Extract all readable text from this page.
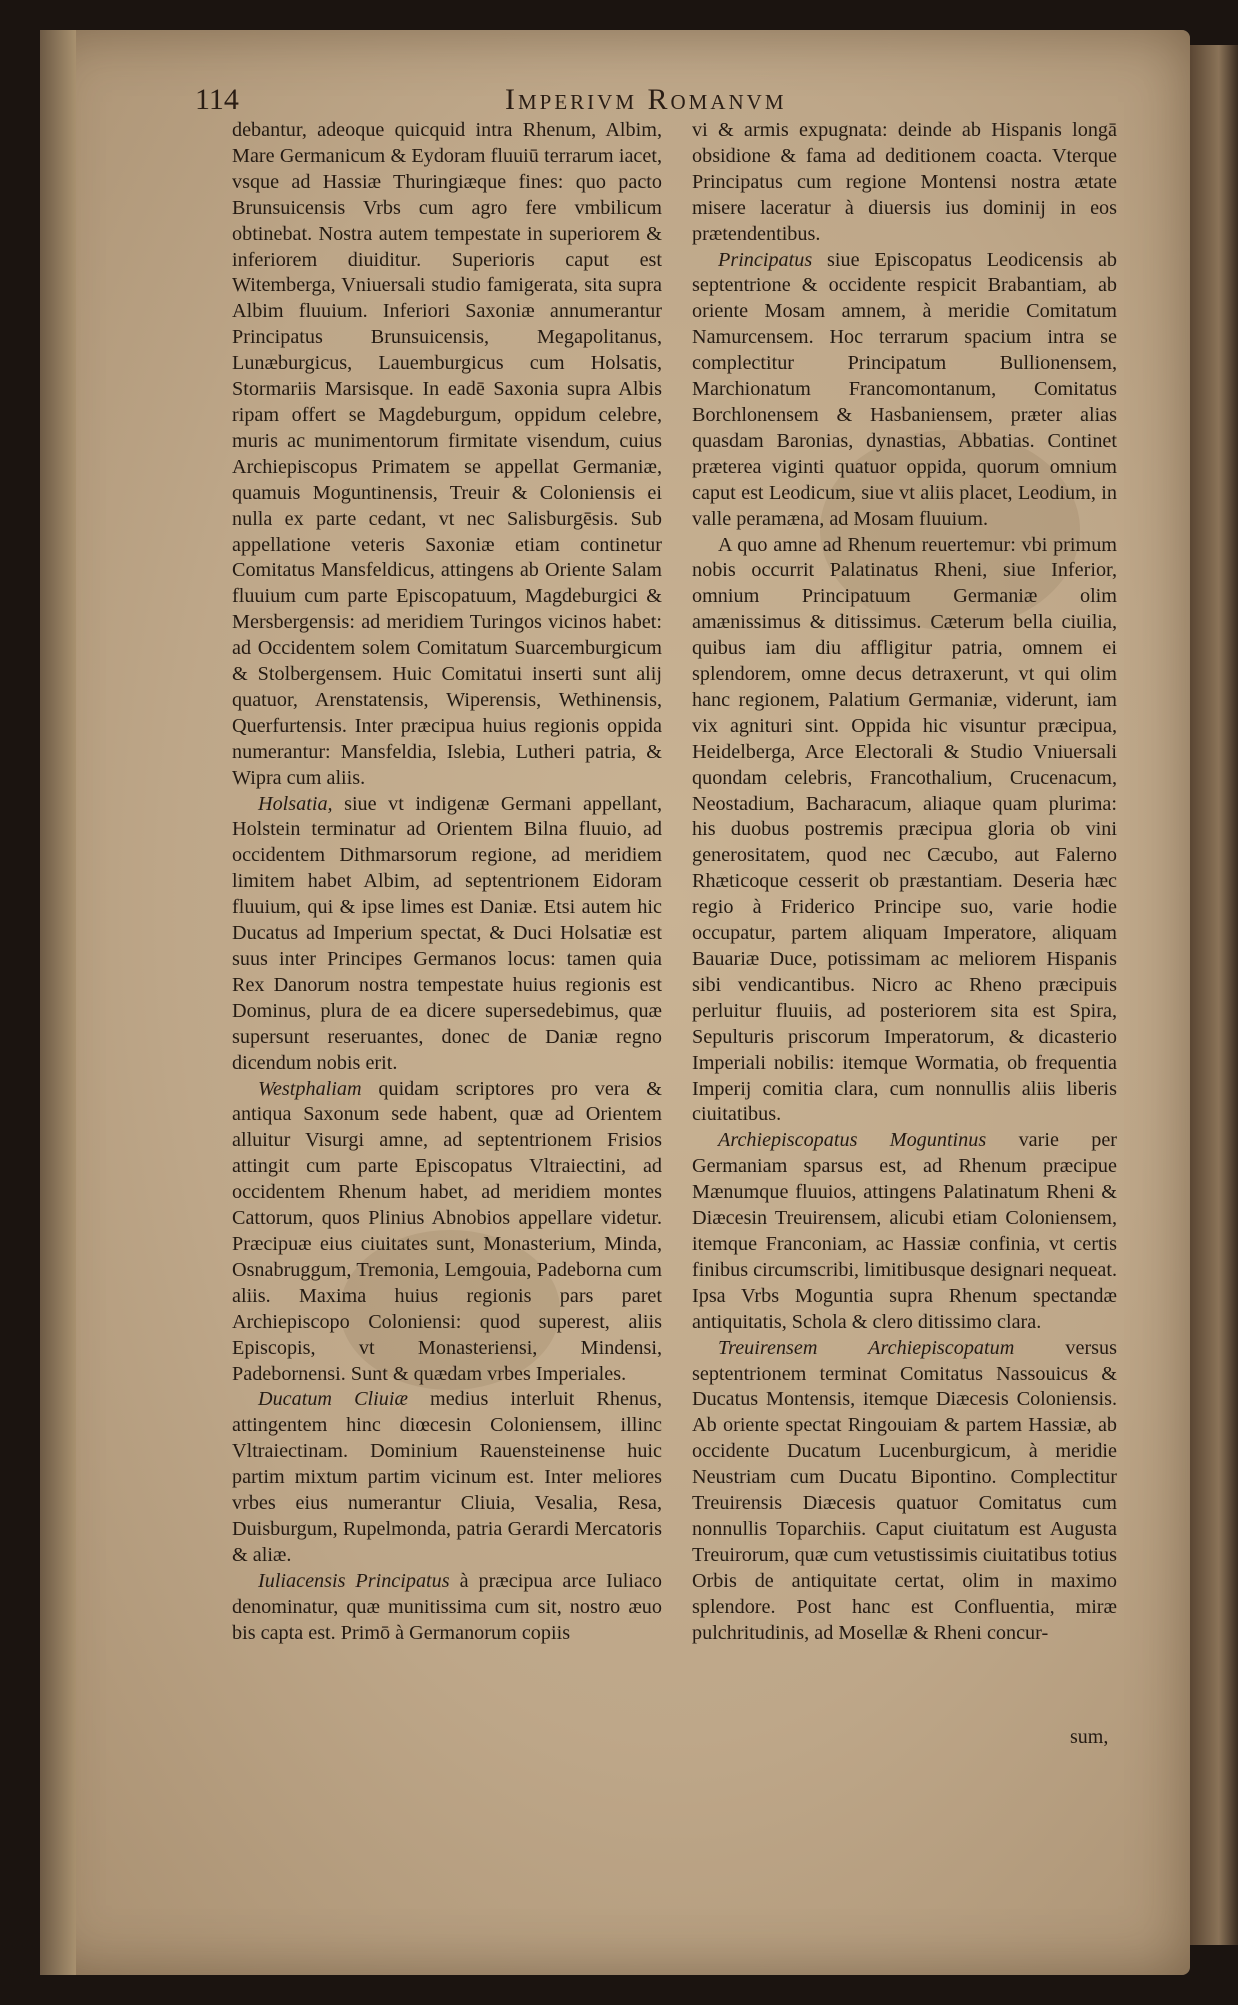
114	Imperivm Romanvm

debantur, adeoque quicquid intra Rhenum, Albim, Mare Germanicum & Eydoram fluuiū terrarum iacet, vsque ad Hassiæ Thuringiæque fines: quo pacto Brunsuicensis Vrbs cum agro fere vmbilicum obtinebat. Nostra autem tempestate in superiorem & inferiorem diuiditur. Superioris caput est Witemberga, Vniuersali studio famigerata, sita supra Albim fluuium. Inferiori Saxoniæ annumerantur Principatus Brunsuicensis, Megapolitanus, Lunæburgicus, Lauemburgicus cum Holsatis, Stormariis Marsisque. In eadē Saxonia supra Albis ripam offert se Magdeburgum, oppidum celebre, muris ac munimentorum firmitate visendum, cuius Archiepiscopus Primatem se appellat Germaniæ, quamuis Moguntinensis, Treuir & Coloniensis ei nulla ex parte cedant, vt nec Salisburgēsis. Sub appellatione veteris Saxoniæ etiam continetur Comitatus Mansfeldicus, attingens ab Oriente Salam fluuium cum parte Episcopatuum, Magdeburgici & Mersbergensis: ad meridiem Turingos vicinos habet: ad Occidentem solem Comitatum Suarcemburgicum & Stolbergensem. Huic Comitatui inserti sunt alij quatuor, Arenstatensis, Wiperensis, Wethinensis, Querfurtensis. Inter præcipua huius regionis oppida numerantur: Mansfeldia, Islebia, Lutheri patria, & Wipra cum aliis.

Holsatia, siue vt indigenæ Germani appellant, Holstein terminatur ad Orientem Bilna fluuio, ad occidentem Dithmarsorum regione, ad meridiem limitem habet Albim, ad septentrionem Eidoram fluuium, qui & ipse limes est Daniæ. Etsi autem hic Ducatus ad Imperium spectat, & Duci Holsatiæ est suus inter Principes Germanos locus: tamen quia Rex Danorum nostra tempestate huius regionis est Dominus, plura de ea dicere supersedebimus, quæ supersunt reseruantes, donec de Daniæ regno dicendum nobis erit.

Westphaliam quidam scriptores pro vera & antiqua Saxonum sede habent, quæ ad Orientem alluitur Visurgi amne, ad septentrionem Frisios attingit cum parte Episcopatus Vltraiectini, ad occidentem Rhenum habet, ad meridiem montes Cattorum, quos Plinius Abnobios appellare videtur. Præcipuæ eius ciuitates sunt, Monasterium, Minda, Osnabruggum, Tremonia, Lemgouia, Padeborna cum aliis. Maxima huius regionis pars paret Archiepiscopo Coloniensi: quod superest, aliis Episcopis, vt Monasteriensi, Mindensi, Padebornensi. Sunt & quædam vrbes Imperiales.

Ducatum Cliuiæ medius interluit Rhenus, attingentem hinc diœcesin Coloniensem, illinc Vltraiectinam. Dominium Rauensteinense huic partim mixtum partim vicinum est. Inter meliores vrbes eius numerantur Cliuia, Vesalia, Resa, Duisburgum, Rupelmonda, patria Gerardi Mercatoris & aliæ.

Iuliacensis Principatus à præcipua arce Iuliaco denominatur, quæ munitissima cum sit, nostro æuo bis capta est. Primō à Germanorum copiis

vi & armis expugnata: deinde ab Hispanis longā obsidione & fama ad deditionem coacta. Vterque Principatus cum regione Montensi nostra ætate misere laceratur à diuersis ius dominij in eos prætendentibus.

Principatus siue Episcopatus Leodicensis ab septentrione & occidente respicit Brabantiam, ab oriente Mosam amnem, à meridie Comitatum Namurcensem. Hoc terrarum spacium intra se complectitur Principatum Bullionensem, Marchionatum Francomontanum, Comitatus Borchlonensem & Hasbaniensem, præter alias quasdam Baronias, dynastias, Abbatias. Continet præterea viginti quatuor oppida, quorum omnium caput est Leodicum, siue vt aliis placet, Leodium, in valle peramæna, ad Mosam fluuium.

A quo amne ad Rhenum reuertemur: vbi primum nobis occurrit Palatinatus Rheni, siue Inferior, omnium Principatuum Germaniæ olim amænissimus & ditissimus. Cæterum bella ciuilia, quibus iam diu affligitur patria, omnem ei splendorem, omne decus detraxerunt, vt qui olim hanc regionem, Palatium Germaniæ, viderunt, iam vix agnituri sint. Oppida hic visuntur præcipua, Heidelberga, Arce Electorali & Studio Vniuersali quondam celebris, Francothalium, Crucenacum, Neostadium, Bacharacum, aliaque quam plurima: his duobus postremis præcipua gloria ob vini generositatem, quod nec Cæcubo, aut Falerno Rhæticoque cesserit ob præstantiam. Deseria hæc regio à Friderico Principe suo, varie hodie occupatur, partem aliquam Imperatore, aliquam Bauariæ Duce, potissimam ac meliorem Hispanis sibi vendicantibus. Nicro ac Rheno præcipuis perluitur fluuiis, ad posteriorem sita est Spira, Sepulturis priscorum Imperatorum, & dicasterio Imperiali nobilis: itemque Wormatia, ob frequentia Imperij comitia clara, cum nonnullis aliis liberis ciuitatibus.

Archiepiscopatus Moguntinus varie per Germaniam sparsus est, ad Rhenum præcipue Mænumque fluuios, attingens Palatinatum Rheni & Diæcesin Treuirensem, alicubi etiam Coloniensem, itemque Franconiam, ac Hassiæ confinia, vt certis finibus circumscribi, limitibusque designari nequeat. Ipsa Vrbs Moguntia supra Rhenum spectandæ antiquitatis, Schola & clero ditissimo clara.

Treuirensem Archiepiscopatum	versus septentrionem terminat Comitatus Nassouicus & Ducatus Montensis, itemque Diæcesis Coloniensis. Ab oriente spectat Ringouiam & partem Hassiæ, ab occidente Ducatum Lucenburgicum, à meridie Neustriam cum Ducatu Bipontino. Complectitur Treuirensis Diæcesis quatuor Comitatus cum nonnullis Toparchiis. Caput ciuitatum est Augusta Treuirorum, quæ cum vetustissimis ciuitatibus totius Orbis de antiquitate certat, olim in maximo splendore. Post hanc est Confluentia, miræ pulchritudinis, ad Mosellæ & Rheni concur-

sum,
